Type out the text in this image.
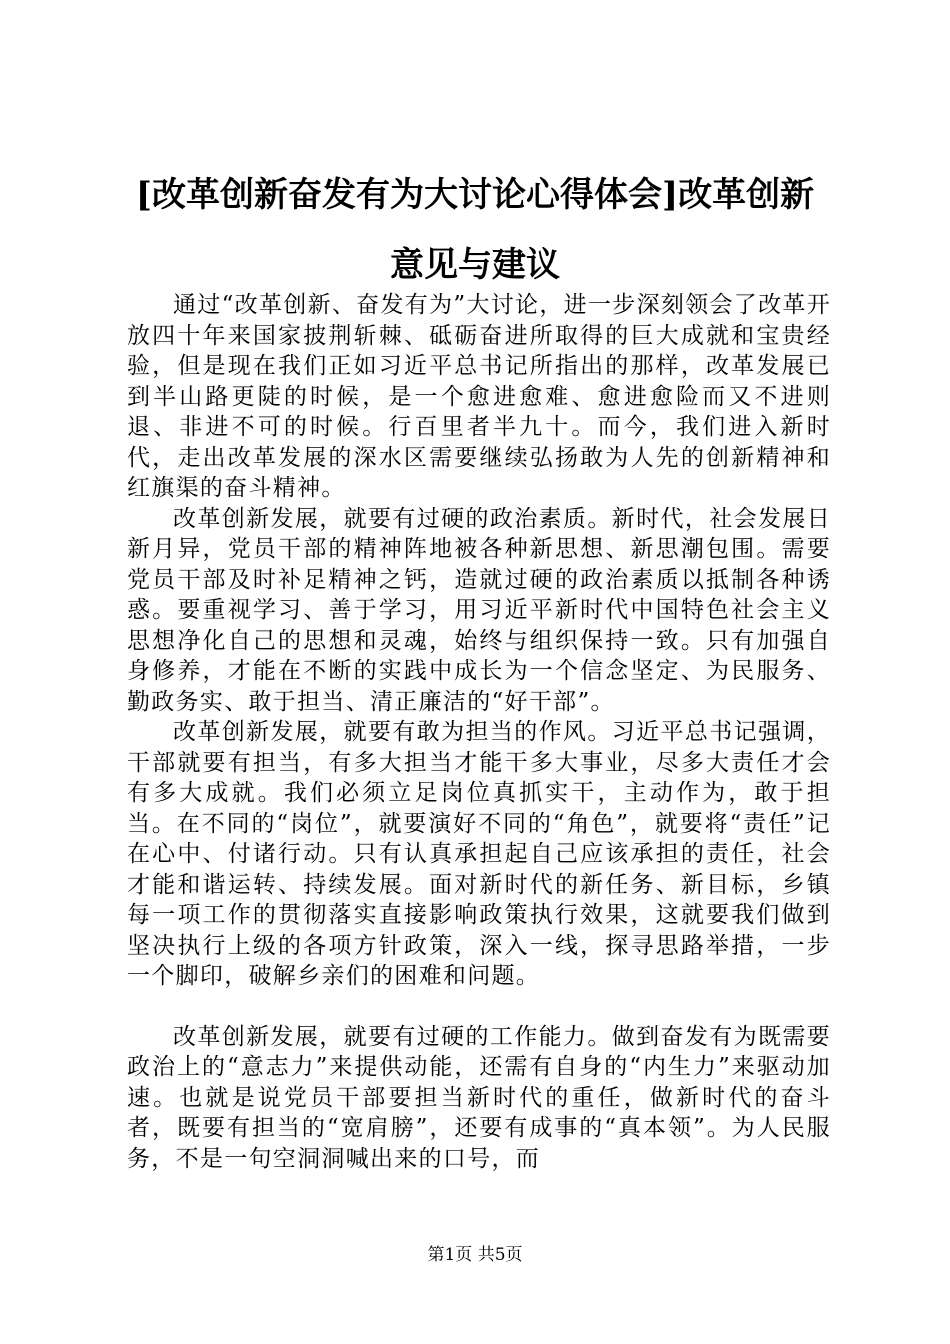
[改革创新奋发有为大讨论心得体会]改革创新意见与建议

通过“改革创新、奋发有为”大讨论，进一步深刻领会了改革开放四十年来国家披荆斩棘、砥砺奋进所取得的巨大成就和宝贵经验，但是现在我们正如习近平总书记所指出的那样，改革发展已到半山路更陡的时候，是一个愈进愈难、愈进愈险而又不进则退、非进不可的时候。行百里者半九十。而今，我们进入新时代，走出改革发展的深水区需要继续弘扬敢为人先的创新精神和红旗渠的奋斗精神。

改革创新发展，就要有过硬的政治素质。新时代，社会发展日新月异，党员干部的精神阵地被各种新思想、新思潮包围。需要党员干部及时补足精神之钙，造就过硬的政治素质以抵制各种诱惑。要重视学习、善于学习，用习近平新时代中国特色社会主义思想净化自己的思想和灵魂，始终与组织保持一致。只有加强自身修养，才能在不断的实践中成长为一个信念坚定、为民服务、勤政务实、敢于担当、清正廉洁的“好干部”。

改革创新发展，就要有敢为担当的作风。习近平总书记强调，干部就要有担当，有多大担当才能干多大事业，尽多大责任才会有多大成就。我们必须立足岗位真抓实干，主动作为，敢于担当。在不同的“岗位”，就要演好不同的“角色”，就要将“责任”记在心中、付诸行动。只有认真承担起自己应该承担的责任，社会才能和谐运转、持续发展。面对新时代的新任务、新目标，乡镇每一项工作的贯彻落实直接影响政策执行效果，这就要我们做到坚决执行上级的各项方针政策，深入一线，探寻思路举措，一步一个脚印，破解乡亲们的困难和问题。

改革创新发展，就要有过硬的工作能力。做到奋发有为既需要政治上的“意志力”来提供动能，还需有自身的“内生力”来驱动加速。也就是说党员干部要担当新时代的重任，做新时代的奋斗者，既要有担当的“宽肩膀”，还要有成事的“真本领”。为人民服务，不是一句空洞洞喊出来的口号，而

第1页 共5页
